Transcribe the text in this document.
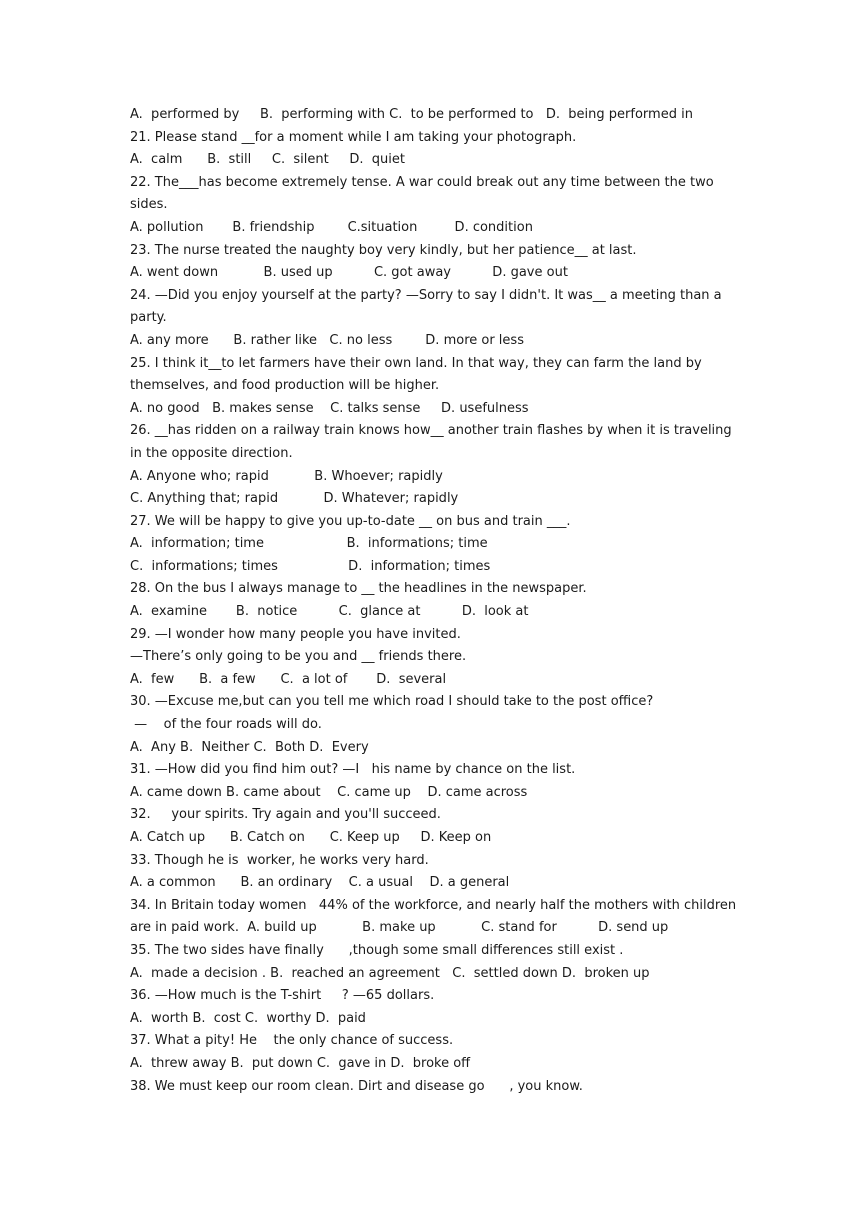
A.  performed by     B.  performing with C.  to be performed to   D.  being performed in
21. Please stand __for a moment while I am taking your photograph.
A.  calm      B.  still     C.  silent     D.  quiet
22. The___has become extremely tense. A war could break out any time between the two
sides.
A. pollution       B. friendship        C.situation         D. condition
23. The nurse treated the naughty boy very kindly, but her patience__ at last.
A. went down           B. used up          C. got away          D. gave out
24. —Did you enjoy yourself at the party? —Sorry to say I didn't. It was__ a meeting than a
party.
A. any more      B. rather like   C. no less        D. more or less
25. I think it__to let farmers have their own land. In that way, they can farm the land by
themselves, and food production will be higher.
A. no good   B. makes sense    C. talks sense     D. usefulness
26. __has ridden on a railway train knows how__ another train flashes by when it is traveling
in the opposite direction.
A. Anyone who; rapid           B. Whoever; rapidly
C. Anything that; rapid           D. Whatever; rapidly
27. We will be happy to give you up-to-date __ on bus and train ___.
A.  information; time                    B.  informations; time
C.  informations; times                 D.  information; times
28. On the bus I always manage to __ the headlines in the newspaper.
A.  examine       B.  notice          C.  glance at          D.  look at
29. —I wonder how many people you have invited.
—There’s only going to be you and __ friends there.
A.  few      B.  a few      C.  a lot of       D.  several
30. —Excuse me,but can you tell me which road I should take to the post office?
—    of the four roads will do.
A.  Any B.  Neither C.  Both D.  Every
31. —How did you find him out? —I   his name by chance on the list.
A. came down B. came about    C. came up    D. came across
32.     your spirits. Try again and you'll succeed.
A. Catch up      B. Catch on      C. Keep up     D. Keep on
33. Though he is  worker, he works very hard.
A. a common      B. an ordinary    C. a usual    D. a general
34. In Britain today women   44% of the workforce, and nearly half the mothers with children
are in paid work.  A. build up           B. make up           C. stand for          D. send up
35. The two sides have finally      ,though some small differences still exist .
A.  made a decision . B.  reached an agreement   C.  settled down D.  broken up
36. —How much is the T-shirt     ? —65 dollars.
A.  worth B.  cost C.  worthy D.  paid
37. What a pity! He    the only chance of success.
A.  threw away B.  put down C.  gave in D.  broke off
38. We must keep our room clean. Dirt and disease go      , you know.
